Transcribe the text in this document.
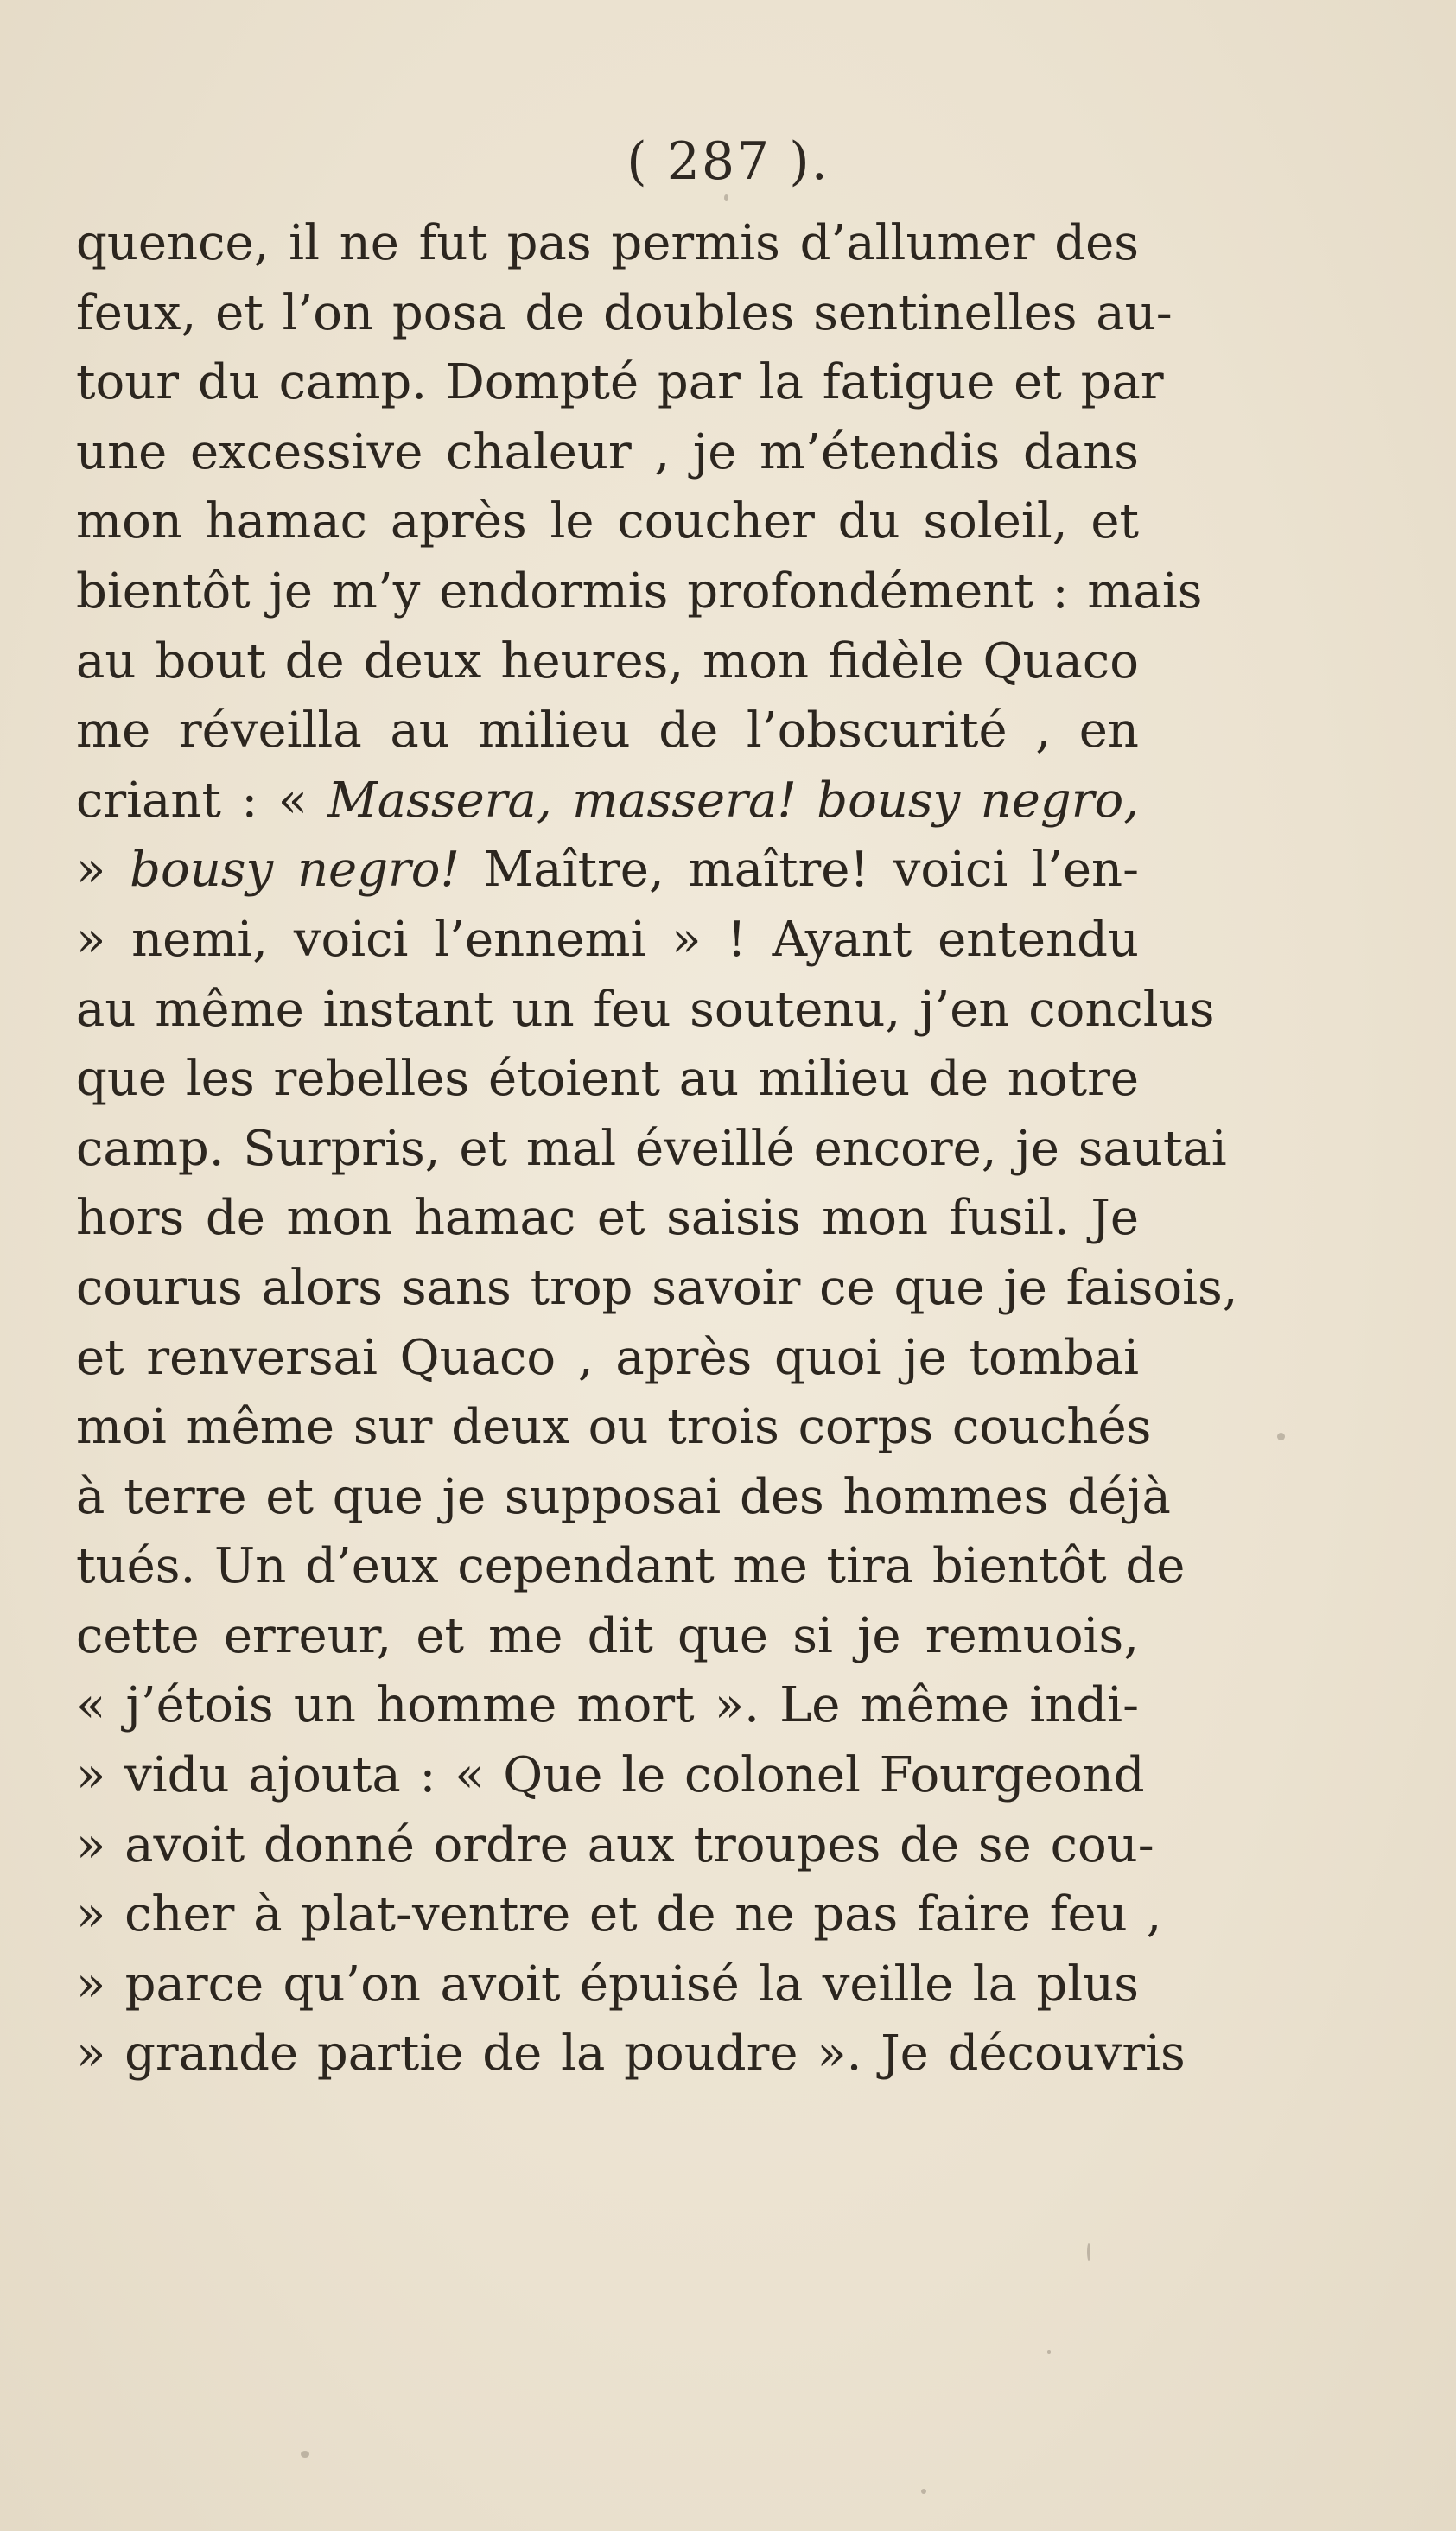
( 287 ).
quence, il ne fut pas permis d’allumer des
feux, et l’on posa de doubles sentinelles au-
tour du camp. Dompté par la fatigue et par
une excessive chaleur , je m’étendis dans
mon hamac après le coucher du soleil, et
bientôt je m’y endormis profondément : mais
au bout de deux heures, mon fidèle Quaco
me réveilla au milieu de l’obscurité , en
criant : « Massera, massera! bousy negro,
» bousy negro! Maître, maître! voici l’en-
» nemi, voici l’ennemi » ! Ayant entendu
au même instant un feu soutenu, j’en conclus
que les rebelles étoient au milieu de notre
camp. Surpris, et mal éveillé encore, je sautai
hors de mon hamac et saisis mon fusil. Je
courus alors sans trop savoir ce que je faisois,
et renversai Quaco , après quoi je tombai
moi même sur deux ou trois corps couchés
à terre et que je supposai des hommes déjà
tués. Un d’eux cependant me tira bientôt de
cette erreur, et me dit que si je remuois,
« j’étois un homme mort ». Le même indi-
» vidu ajouta : « Que le colonel Fourgeond
» avoit donné ordre aux troupes de se cou-
» cher à plat-ventre et de ne pas faire feu ,
» parce qu’on avoit épuisé la veille la plus
» grande partie de la poudre ». Je découvris
